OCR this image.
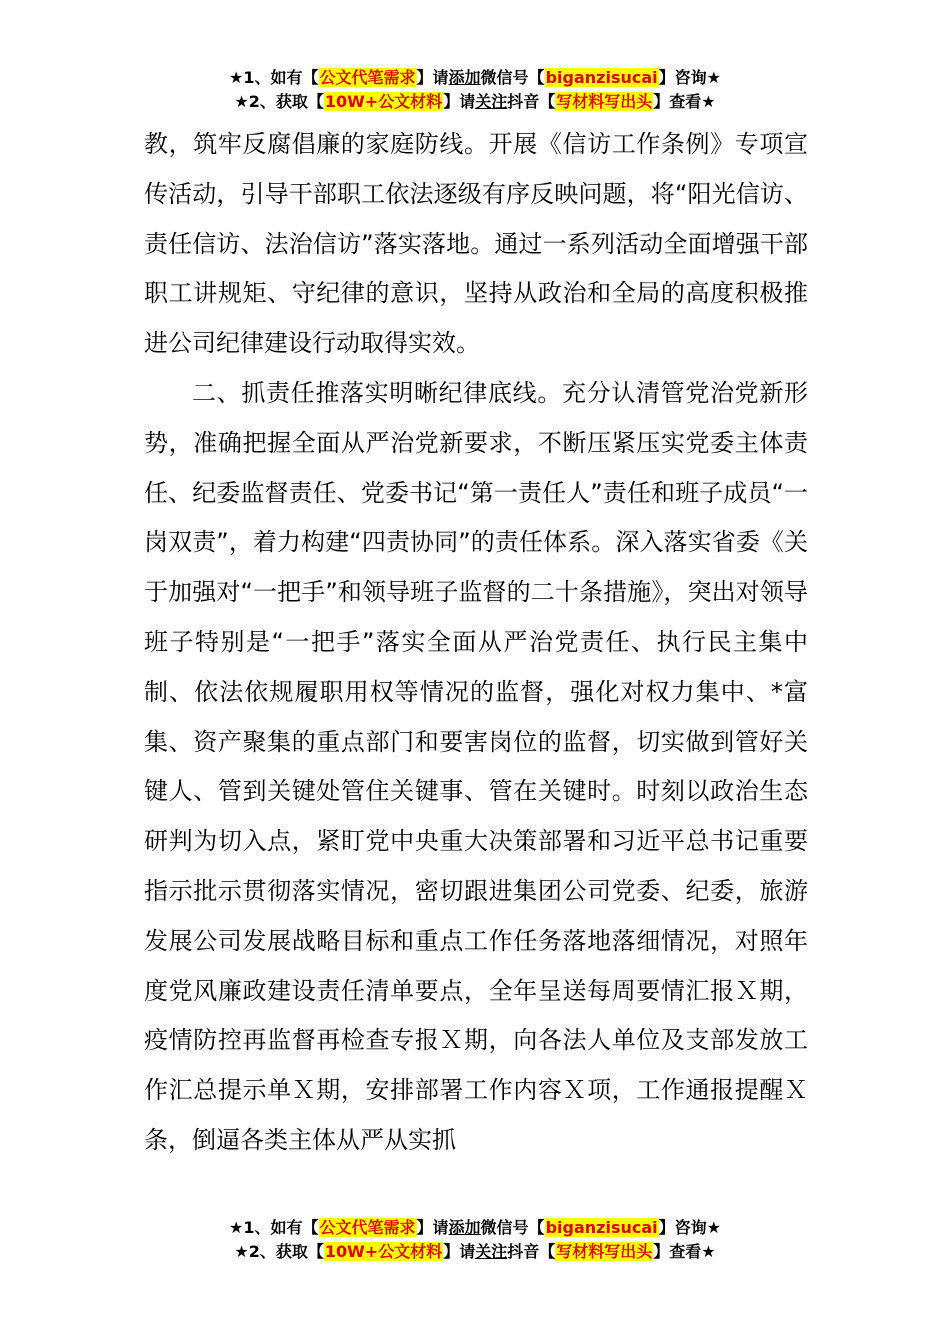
★1、如有【公文代笔需求】请添加微信号【biganzisucai】咨询★
★2、获取【10W+公文材料】请关注抖音【写材料写出头】查看★

教，筑牢反腐倡廉的家庭防线。开展《信访工作条例》专项宣传活动，引导干部职工依法逐级有序反映问题，将“阳光信访、责任信访、法治信访”落实落地。通过一系列活动全面增强干部职工讲规矩、守纪律的意识，坚持从政治和全局的高度积极推进公司纪律建设行动取得实效。

二、抓责任推落实明晰纪律底线。充分认清管党治党新形势，准确把握全面从严治党新要求，不断压紧压实党委主体责任、纪委监督责任、党委书记“第一责任人”责任和班子成员“一岗双责”，着力构建“四责协同”的责任体系。深入落实省委《关于加强对“一把手”和领导班子监督的二十条措施》，突出对领导班子特别是“一把手”落实全面从严治党责任、执行民主集中制、依法依规履职用权等情况的监督，强化对权力集中、*富集、资产聚集的重点部门和要害岗位的监督，切实做到管好关键人、管到关键处管住关键事、管在关键时。时刻以政治生态研判为切入点，紧盯党中央重大决策部署和习近平总书记重要指示批示贯彻落实情况，密切跟进集团公司党委、纪委，旅游发展公司发展战略目标和重点工作任务落地落细情况，对照年度党风廉政建设责任清单要点，全年呈送每周要情汇报Ｘ期，疫情防控再监督再检查专报Ｘ期，向各法人单位及支部发放工作汇总提示单Ｘ期，安排部署工作内容Ｘ项，工作通报提醒Ｘ条，倒逼各类主体从严从实抓

★1、如有【公文代笔需求】请添加微信号【biganzisucai】咨询★
★2、获取【10W+公文材料】请关注抖音【写材料写出头】查看★
